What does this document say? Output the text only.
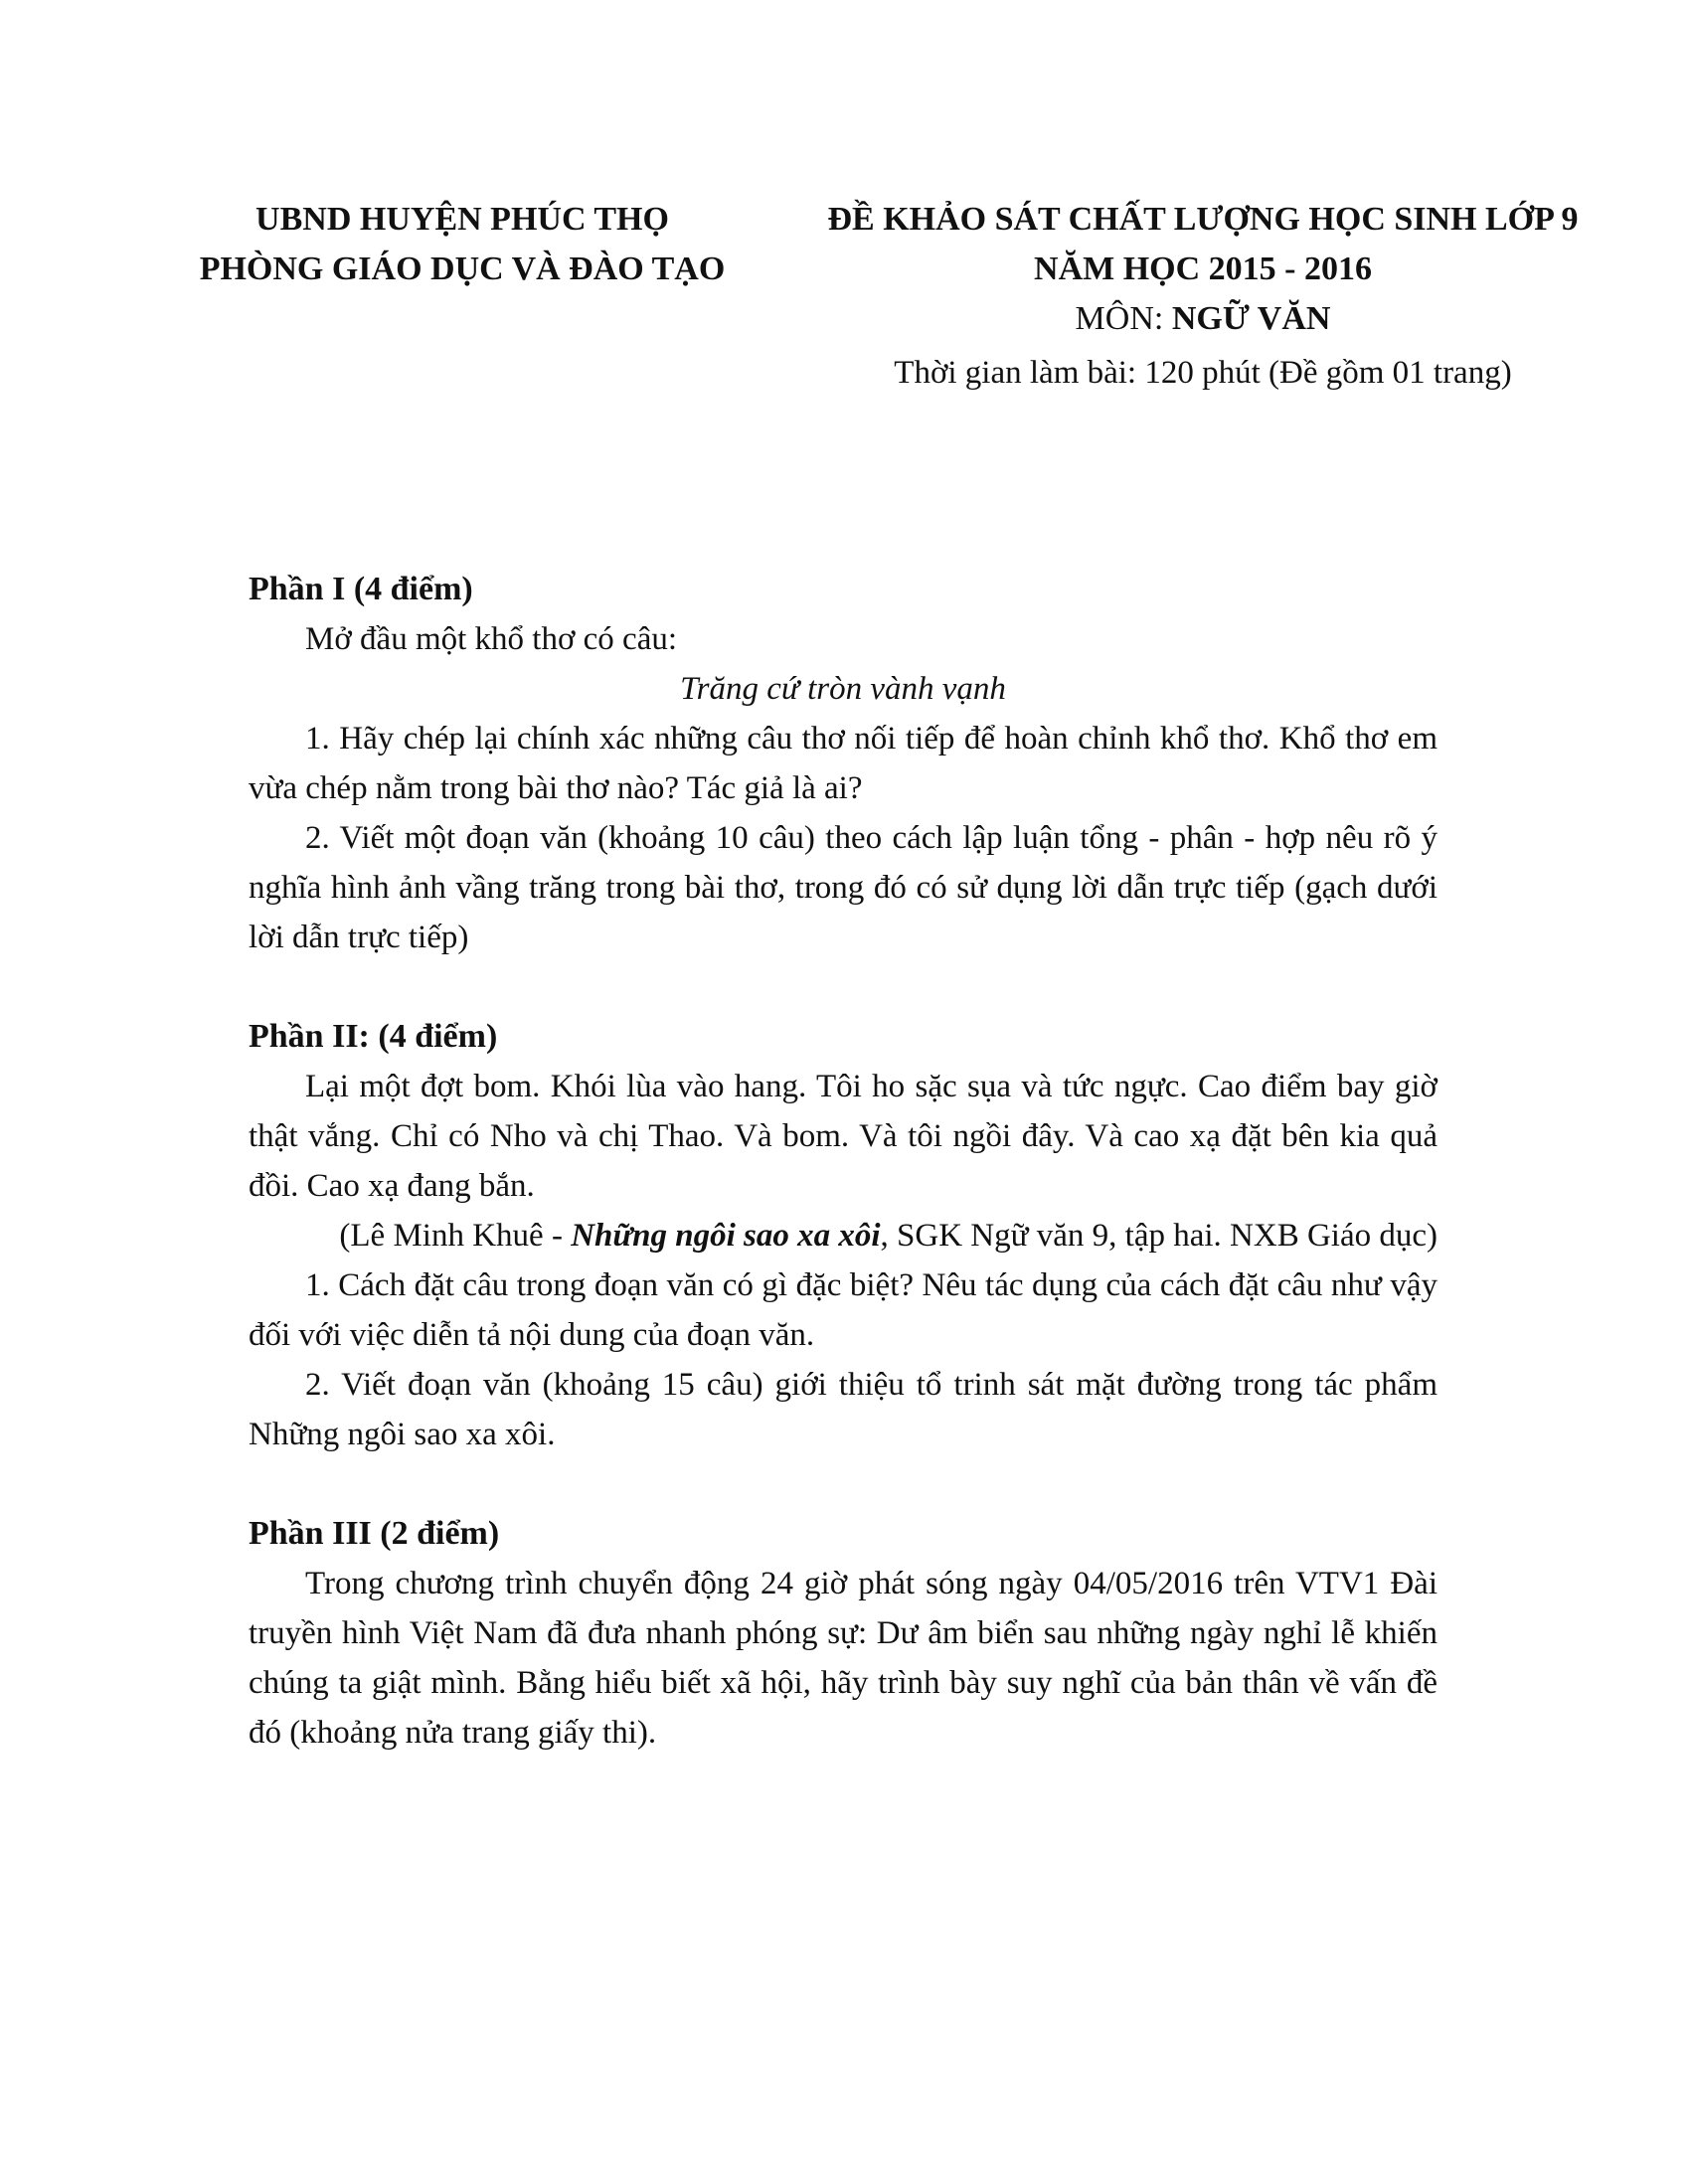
UBND HUYỆN PHÚC THỌ
PHÒNG GIÁO DỤC VÀ ĐÀO TẠO
ĐỀ KHẢO SÁT CHẤT LƯỢNG HỌC SINH LỚP 9
NĂM HỌC 2015 - 2016
MÔN: NGỮ VĂN
Thời gian làm bài: 120 phút (Đề gồm 01 trang)

Phần I (4 điểm)

Mở đầu một khổ thơ có câu:

Trăng cứ tròn vành vạnh

1. Hãy chép lại chính xác những câu thơ nối tiếp để hoàn chỉnh khổ thơ. Khổ thơ em vừa chép nằm trong bài thơ nào? Tác giả là ai?

2. Viết một đoạn văn (khoảng 10 câu) theo cách lập luận tổng - phân - hợp nêu rõ ý nghĩa hình ảnh vầng trăng trong bài thơ, trong đó có sử dụng lời dẫn trực tiếp (gạch dưới lời dẫn trực tiếp)

Phần II: (4 điểm)

Lại một đợt bom. Khói lùa vào hang. Tôi ho sặc sụa và tức ngực. Cao điểm bay giờ thật vắng. Chỉ có Nho và chị Thao. Và bom. Và tôi ngồi đây. Và cao xạ đặt bên kia quả đồi. Cao xạ đang bắn.

(Lê Minh Khuê - Những ngôi sao xa xôi, SGK Ngữ văn 9, tập hai. NXB Giáo dục)

1. Cách đặt câu trong đoạn văn có gì đặc biệt? Nêu tác dụng của cách đặt câu như vậy đối với việc diễn tả nội dung của đoạn văn.

2. Viết đoạn văn (khoảng 15 câu) giới thiệu tổ trinh sát mặt đường trong tác phẩm Những ngôi sao xa xôi.

Phần III (2 điểm)

Trong chương trình chuyển động 24 giờ phát sóng ngày 04/05/2016 trên VTV1 Đài truyền hình Việt Nam đã đưa nhanh phóng sự: Dư âm biển sau những ngày nghỉ lễ khiến chúng ta giật mình. Bằng hiểu biết xã hội, hãy trình bày suy nghĩ của bản thân về vấn đề đó (khoảng nửa trang giấy thi).
